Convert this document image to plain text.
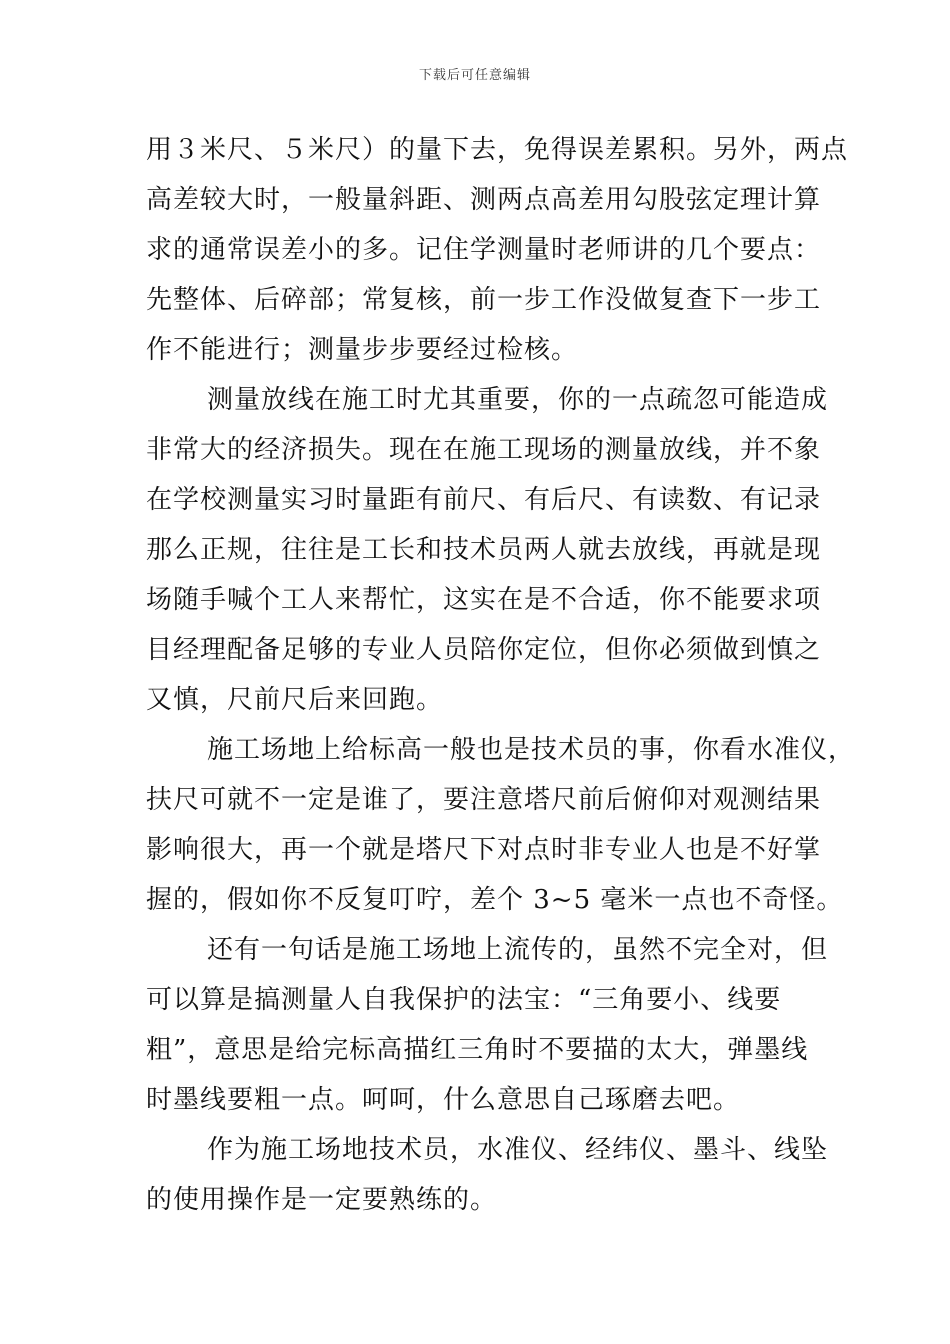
下载后可任意编辑
用３米尺、５米尺）的量下去，免得误差累积。另外，两点
高差较大时，一般量斜距、测两点高差用勾股弦定理计算
求的通常误差小的多。记住学测量时老师讲的几个要点：
先整体、后碎部；常复核，前一步工作没做复查下一步工
作不能进行；测量步步要经过检核。
测量放线在施工时尤其重要，你的一点疏忽可能造成
非常大的经济损失。现在在施工现场的测量放线，并不象
在学校测量实习时量距有前尺、有后尺、有读数、有记录
那么正规，往往是工长和技术员两人就去放线，再就是现
场随手喊个工人来帮忙，这实在是不合适，你不能要求项
目经理配备足够的专业人员陪你定位，但你必须做到慎之
又慎，尺前尺后来回跑。
施工场地上给标高一般也是技术员的事，你看水准仪，
扶尺可就不一定是谁了，要注意塔尺前后俯仰对观测结果
影响很大，再一个就是塔尺下对点时非专业人也是不好掌
握的，假如你不反复叮咛，差个 3~5 毫米一点也不奇怪。
还有一句话是施工场地上流传的，虽然不完全对，但
可以算是搞测量人自我保护的法宝：“三角要小、线要
粗”，意思是给完标高描红三角时不要描的太大，弹墨线
时墨线要粗一点。呵呵，什么意思自己琢磨去吧。
作为施工场地技术员，水准仪、经纬仪、墨斗、线坠
的使用操作是一定要熟练的。
